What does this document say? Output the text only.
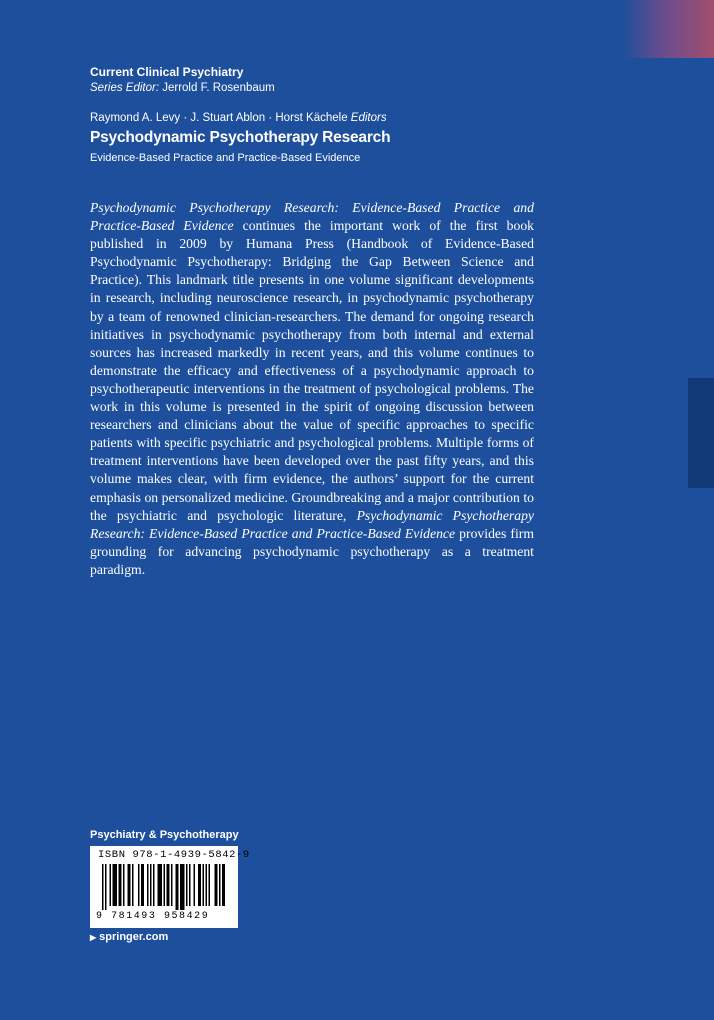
Current Clinical Psychiatry
Series Editor: Jerrold F. Rosenbaum
Raymond A. Levy · J. Stuart Ablon · Horst Kächele Editors
Psychodynamic Psychotherapy Research
Evidence-Based Practice and Practice-Based Evidence
Psychodynamic Psychotherapy Research: Evidence-Based Practice and Practice-Based Evidence continues the important work of the first book published in 2009 by Humana Press (Handbook of Evidence-Based Psychodynamic Psychotherapy: Bridging the Gap Between Science and Practice). This landmark title presents in one volume significant developments in research, including neuroscience research, in psychodynamic psychotherapy by a team of renowned clinician-researchers. The demand for ongoing research initiatives in psychodynamic psychotherapy from both internal and external sources has increased markedly in recent years, and this volume continues to demonstrate the efficacy and effectiveness of a psychodynamic approach to psychotherapeutic interventions in the treatment of psychological problems. The work in this volume is presented in the spirit of ongoing discussion between researchers and clinicians about the value of specific approaches to specific patients with specific psychiatric and psychological problems. Multiple forms of treatment interventions have been developed over the past fifty years, and this volume makes clear, with firm evidence, the authors’ support for the current emphasis on personalized medicine. Groundbreaking and a major contribution to the psychiatric and psychologic literature, Psychodynamic Psychotherapy Research: Evidence-Based Practice and Practice-Based Evidence provides firm grounding for advancing psychodynamic psychotherapy as a treatment paradigm.
Psychiatry & Psychotherapy
ISBN 978-1-4939-5842-9
9 781493 958429
▶ springer.com
